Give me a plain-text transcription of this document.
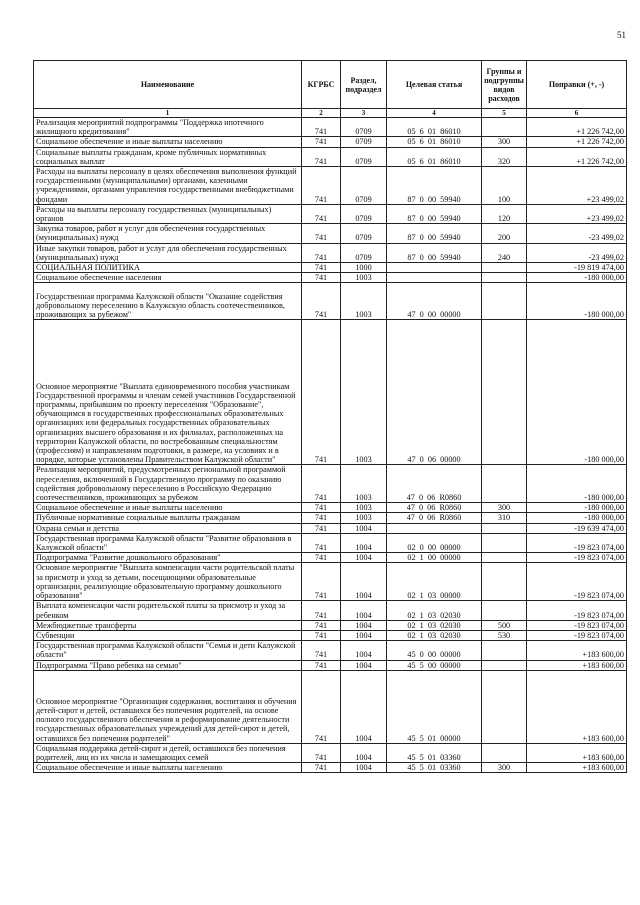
51
Наименование	КГРБС	Раздел, подраздел	Целевая статья	Группы и подгруппы видов расходов	Поправки (+, -)
1	2	3	4	5	6
Реализация мероприятий подпрограммы "Поддержка ипотечного жилищного кредитования"	741	0709	05  6  01  86010		+1 226 742,00
Социальное обеспечение и иные выплаты населению	741	0709	05  6  01  86010	300	+1 226 742,00
Социальные выплаты гражданам, кроме публичных нормативных социальных выплат	741	0709	05  6  01  86010	320	+1 226 742,00
Расходы на выплаты персоналу в целях обеспечения выполнения функций государственными (муниципальными) органами, казенными учреждениями, органами управления государственными внебюджетными фондами	741	0709	87  0  00  59940	100	+23 499,02
Расходы на выплаты персоналу государственных (муниципальных) органов	741	0709	87  0  00  59940	120	+23 499,02
Закупка товаров, работ и услуг для обеспечения государственных (муниципальных) нужд	741	0709	87  0  00  59940	200	-23 499,02
Иные закупки товаров, работ и услуг для обеспечения государственных (муниципальных) нужд	741	0709	87  0  00  59940	240	-23 499,02
СОЦИАЛЬНАЯ ПОЛИТИКА	741	1000			-19 819 474,00
Социальное обеспечение населения	741	1003			-180 000,00
Государственная программа Калужской области "Оказание содействия добровольному переселению в Калужскую область соотечественников, проживающих за рубежом"	741	1003	47  0  00  00000		-180 000,00
Основное мероприятие "Выплата единовременного пособия участникам Государственной программы и членам семей участников Государственной программы, прибывшим по проекту переселения "Образование", обучающимся в государственных профессиональных образовательных организациях или федеральных государственных образовательных организациях высшего образования и их филиалах, расположенных на территории Калужской области, по востребованным специальностям (профессиям) и направлениям подготовки, в размере, на условиях и в порядке, которые установлены Правительством Калужской области"	741	1003	47  0  06  00000		-180 000,00
Реализация мероприятий, предусмотренных региональной программой переселения, включенной в Государственную программу по оказанию содействия добровольному переселению в Российскую Федерацию соотечественников, проживающих за рубежом	741	1003	47  0  06  R0860		-180 000,00
Социальное обеспечение и иные выплаты населению	741	1003	47  0  06  R0860	300	-180 000,00
Публичные нормативные социальные выплаты гражданам	741	1003	47  0  06  R0860	310	-180 000,00
Охрана семьи и детства	741	1004			-19 639 474,00
Государственная программа Калужской области "Развитие образования в Калужской области"	741	1004	02  0  00  00000		-19 823 074,00
Подпрограмма "Развитие дошкольного образования"	741	1004	02  1  00  00000		-19 823 074,00
Основное мероприятие "Выплата компенсации части родительской платы за присмотр и уход за детьми, посещающими образовательные организации, реализующие образовательную программу дошкольного образования"	741	1004	02  1  03  00000		-19 823 074,00
Выплата компенсации части родительской платы за присмотр и уход за ребенком	741	1004	02  1  03  02030		-19 823 074,00
Межбюджетные трансферты	741	1004	02  1  03  02030	500	-19 823 074,00
Субвенции	741	1004	02  1  03  02030	530	-19 823 074,00
Государственная программа Калужской области "Семья и дети Калужской области"	741	1004	45  0  00  00000		+183 600,00
Подпрограмма "Право ребенка на семью"	741	1004	45  5  00  00000		+183 600,00
Основное мероприятие "Организация содержания, воспитания и обучения детей-сирот и детей, оставшихся без попечения родителей, на основе полного государственного обеспечения и реформирование деятельности государственных образовательных учреждений для детей-сирот и детей, оставшихся без попечения родителей"	741	1004	45  5  01  00000		+183 600,00
Социальная поддержка детей-сирот и детей, оставшихся без попечения родителей, лиц из их числа и замещающих семей	741	1004	45  5  01  03360		+183 600,00
Социальное обеспечение и иные выплаты населению	741	1004	45  5  01  03360	300	+183 600,00
